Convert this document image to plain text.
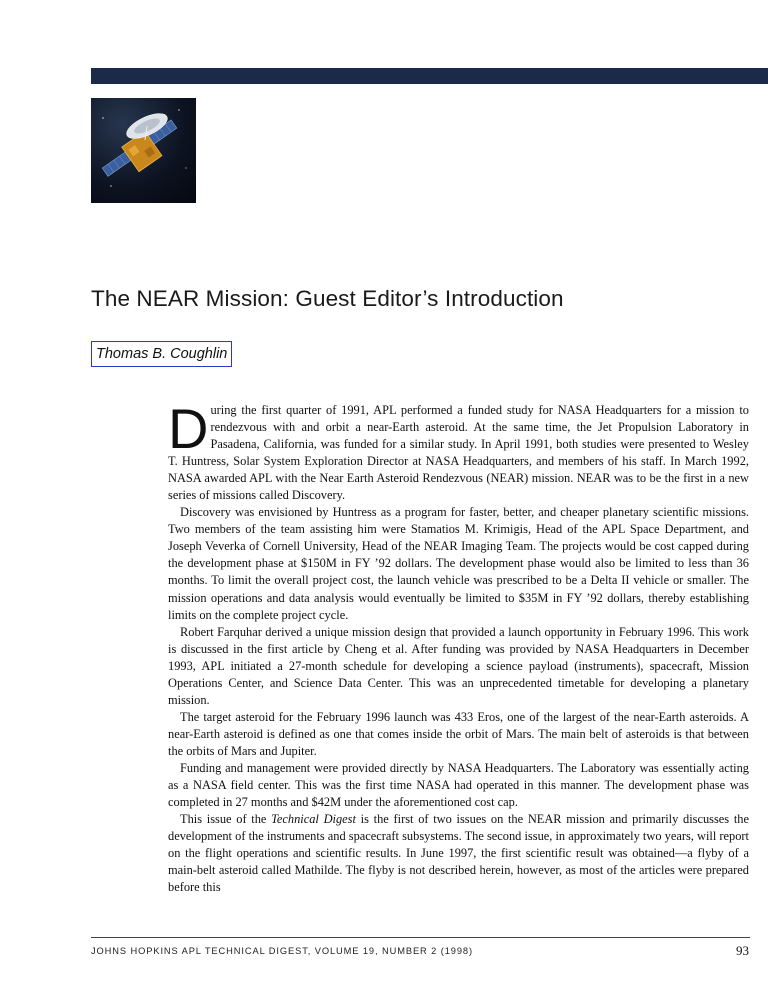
The NEAR Mission: Guest Editor’s Introduction
Thomas B. Coughlin

During the first quarter of 1991, APL performed a funded study for NASA Headquarters for a mission to rendezvous with and orbit a near-Earth asteroid. At the same time, the Jet Propulsion Laboratory in Pasadena, California, was funded for a similar study. In April 1991, both studies were presented to Wesley T. Huntress, Solar System Exploration Director at NASA Headquarters, and members of his staff. In March 1992, NASA awarded APL with the Near Earth Asteroid Rendezvous (NEAR) mission. NEAR was to be the first in a new series of missions called Discovery.

Discovery was envisioned by Huntress as a program for faster, better, and cheaper planetary scientific missions. Two members of the team assisting him were Stamatios M. Krimigis, Head of the APL Space Department, and Joseph Veverka of Cornell University, Head of the NEAR Imaging Team. The projects would be cost capped during the development phase at $150M in FY ’92 dollars. The development phase would also be limited to less than 36 months. To limit the overall project cost, the launch vehicle was prescribed to be a Delta II vehicle or smaller. The mission operations and data analysis would eventually be limited to $35M in FY ’92 dollars, thereby establishing limits on the complete project cycle.

Robert Farquhar derived a unique mission design that provided a launch opportunity in February 1996. This work is discussed in the first article by Cheng et al. After funding was provided by NASA Headquarters in December 1993, APL initiated a 27-month schedule for developing a science payload (instruments), spacecraft, Mission Operations Center, and Science Data Center. This was an unprecedented timetable for developing a planetary mission.

The target asteroid for the February 1996 launch was 433 Eros, one of the largest of the near-Earth asteroids. A near-Earth asteroid is defined as one that comes inside the orbit of Mars. The main belt of asteroids is that between the orbits of Mars and Jupiter.

Funding and management were provided directly by NASA Headquarters. The Laboratory was essentially acting as a NASA field center. This was the first time NASA had operated in this manner. The development phase was completed in 27 months and $42M under the aforementioned cost cap.

This issue of the Technical Digest is the first of two issues on the NEAR mission and primarily discusses the development of the instruments and spacecraft subsystems. The second issue, in approximately two years, will report on the flight operations and scientific results. In June 1997, the first scientific result was obtained—a flyby of a main-belt asteroid called Mathilde. The flyby is not described herein, however, as most of the articles were prepared before this

JOHNS HOPKINS APL TECHNICAL DIGEST, VOLUME 19, NUMBER 2 (1998)	93
